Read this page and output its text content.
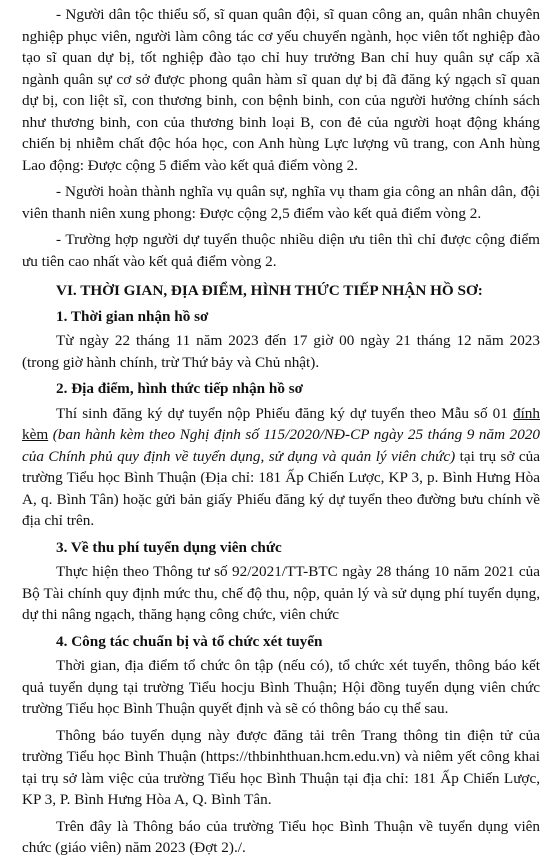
- Người dân tộc thiểu số, sĩ quan quân đội, sĩ quan công an, quân nhân chuyên nghiệp phục viên, người làm công tác cơ yếu chuyển ngành, học viên tốt nghiệp đào tạo sĩ quan dự bị, tốt nghiệp đào tạo chỉ huy trưởng Ban chỉ huy quân sự cấp xã ngành quân sự cơ sở được phong quân hàm sĩ quan dự bị đã đăng ký ngạch sĩ quan dự bị, con liệt sĩ, con thương binh, con bệnh binh, con của người hưởng chính sách như thương binh, con của thương binh loại B, con đẻ của người hoạt động kháng chiến bị nhiễm chất độc hóa học, con Anh hùng Lực lượng vũ trang, con Anh hùng Lao động: Được cộng 5 điểm vào kết quả điểm vòng 2.

- Người hoàn thành nghĩa vụ quân sự, nghĩa vụ tham gia công an nhân dân, đội viên thanh niên xung phong: Được cộng 2,5 điểm vào kết quả điểm vòng 2.

- Trường hợp người dự tuyển thuộc nhiều diện ưu tiên thì chỉ được cộng điểm ưu tiên cao nhất vào kết quả điểm vòng 2.

VI. THỜI GIAN, ĐỊA ĐIỂM, HÌNH THỨC TIẾP NHẬN HỒ SƠ:

1. Thời gian nhận hồ sơ

Từ ngày 22 tháng 11 năm 2023 đến 17 giờ 00 ngày 21 tháng 12 năm 2023 (trong giờ hành chính, trừ Thứ bảy và Chủ nhật).

2. Địa điểm, hình thức tiếp nhận hồ sơ

Thí sinh đăng ký dự tuyển nộp Phiếu đăng ký dự tuyển theo Mẫu số 01 đính kèm (ban hành kèm theo Nghị định số 115/2020/NĐ-CP ngày 25 tháng 9 năm 2020 của Chính phủ quy định về tuyển dụng, sử dụng và quản lý viên chức) tại trụ sở của trường Tiểu học Bình Thuận (Địa chỉ: 181 Ấp Chiến Lược, KP 3, p. Bình Hưng Hòa A, q. Bình Tân) hoặc gửi bản giấy Phiếu đăng ký dự tuyển theo đường bưu chính về địa chỉ trên.

3. Về thu phí tuyển dụng viên chức

Thực hiện theo Thông tư số 92/2021/TT-BTC ngày 28 tháng 10 năm 2021 của Bộ Tài chính quy định mức thu, chế độ thu, nộp, quản lý và sử dụng phí tuyển dụng, dự thi nâng ngạch, thăng hạng công chức, viên chức

4. Công tác chuẩn bị và tổ chức xét tuyển

Thời gian, địa điểm tổ chức ôn tập (nếu có), tổ chức xét tuyển, thông báo kết quả tuyển dụng tại trường Tiểu hocju Bình Thuận; Hội đồng tuyển dụng viên chức trường Tiểu học Bình Thuận quyết định và sẽ có thông báo cụ thể sau.

Thông báo tuyển dụng này được đăng tải trên Trang thông tin điện tử của trường Tiểu học Bình Thuận (https://thbinhthuan.hcm.edu.vn) và niêm yết công khai tại trụ sở làm việc của trường Tiểu học Bình Thuận tại địa chỉ: 181 Ấp Chiến Lược, KP 3, P. Bình Hưng Hòa A, Q. Bình Tân.

Trên đây là Thông báo của trường Tiểu học Bình Thuận về tuyển dụng viên chức (giáo viên) năm 2023 (Đợt 2)./.
